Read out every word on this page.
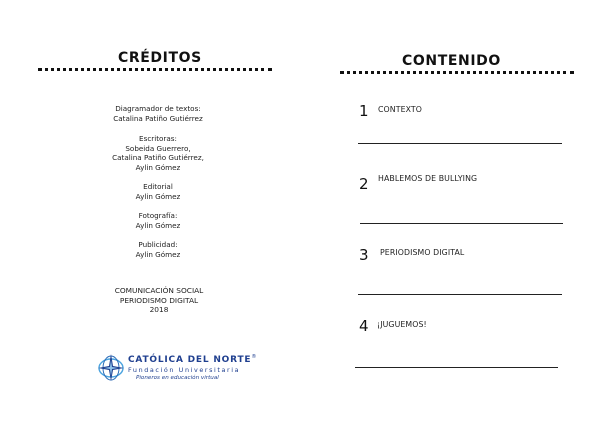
CRÉDITOS
Diagramador de textos:
Catalina Patiño Gutiérrez
Escritoras:
Sobeida Guerrero,
Catalina Patiño Gutiérrez,
Aylin Gómez
Editorial
Aylin Gómez
Fotografía:
Aylin Gómez
Publicidad:
Aylin Gómez
COMUNICACIÓN SOCIAL
PERIODISMO DIGITAL
2018
CATÓLICA DEL NORTE®
Fundación Universitaria
Pioneros en educación virtual
CONTENIDO
1 CONTEXTO
2 HABLEMOS DE BULLYING
3 PERIODISMO DIGITAL
4 ¡JUGUEMOS!
